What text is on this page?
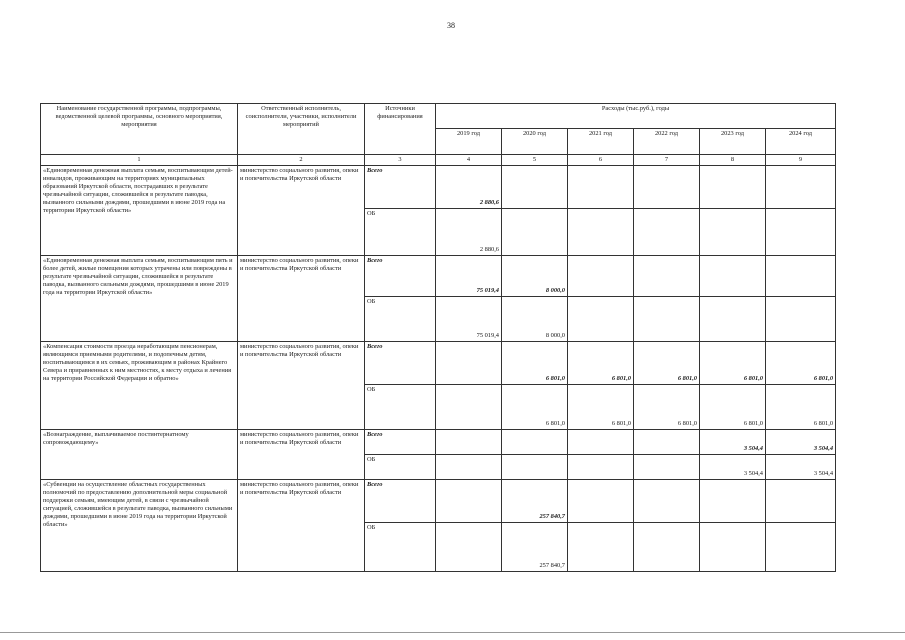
38
Наименование государственной программы, подпрограммы, ведомственной целевой программы, основного мероприятия, мероприятия	Ответственный исполнитель, соисполнители, участники, исполнители мероприятий	Источники финансирования	Расходы (тыс.руб.), годы					
			2019 год	2020 год	2021 год	2022 год	2023 год	2024 год
1	2	3	4	5	6	7	8	9
«Единовременная денежная выплата семьям, воспитывающим детей-инвалидов, проживающим на территориях муниципальных образований Иркутской области, пострадавших в результате чрезвычайной ситуации, сложившейся в результате паводка, вызванного сильными дождями, прошедшими в июне 2019 года на территории Иркутской области»	министерство социального развития, опеки и попечительства Иркутской области	Всего	2 880,6					
		ОБ	2 880,6					
«Единовременная денежная выплата семьям, воспитывающим пять и более детей, жилые помещения которых утрачены или повреждены в результате чрезвычайной ситуации, сложившейся в результате паводка, вызванного сильными дождями, прошедшими в июне 2019 года на территории Иркутской области»	министерство социального развития, опеки и попечительства Иркутской области	Всего	75 019,4	8 000,0				
		ОБ	75 019,4	8 000,0				
«Компенсация стоимости проезда неработающим пенсионерам, являющимся приемными родителями, и подопечным детям, воспитывающимся в их семьях, проживающим в районах Крайнего Севера и приравненных к ним местностях, к месту отдыха и лечения на территории Российской Федерации и обратно»	министерство социального развития, опеки и попечительства Иркутской области	Всего		6 801,0	6 801,0	6 801,0	6 801,0	6 801,0
		ОБ		6 801,0	6 801,0	6 801,0	6 801,0	6 801,0
«Вознаграждение, выплачиваемое постинтернатному сопровождающему»	министерство социального развития, опеки и попечительства Иркутской области	Всего					3 504,4	3 504,4
		ОБ					3 504,4	3 504,4
«Субвенции на осуществление областных государственных полномочий по предоставлению дополнительной меры социальной поддержки семьям, имеющим детей, в связи с чрезвычайной ситуацией, сложившейся в результате паводка, вызванного сильными дождями, прошедшими в июне 2019 года на территории Иркутской области»	министерство социального развития, опеки и попечительства Иркутской области	Всего		257 840,7				
		ОБ		257 840,7				
